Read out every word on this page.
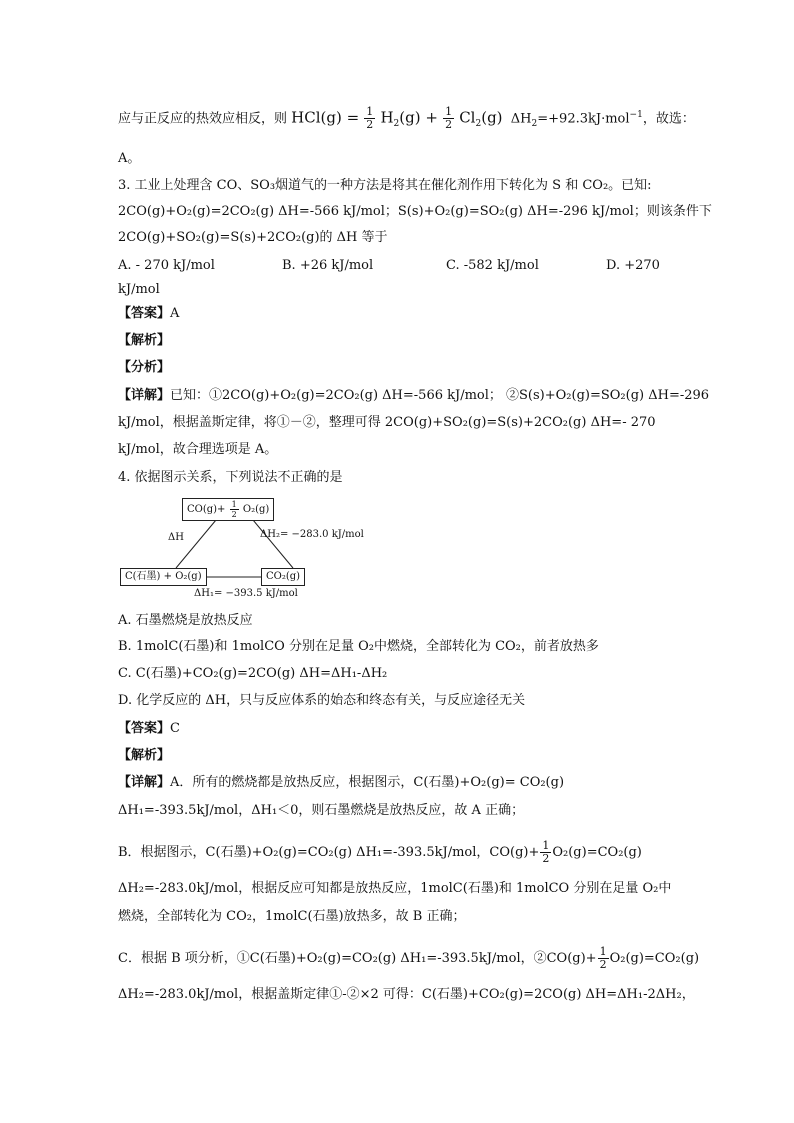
应与正反应的热效应相反，则 $HCl(g) = \frac{1}{2} H_2(g) + \frac{1}{2} Cl_2(g)$ $\Delta H_2=+92.3kJ\cdot mol^{-1}$，故选：
A。
3. 工业上处理含 CO、SO₃烟道气的一种方法是将其在催化剂作用下转化为 S 和 CO₂。已知:
2CO(g)+O₂(g)=2CO₂(g) ΔH=-566 kJ/mol；S(s)+O₂(g)=SO₂(g) ΔH=-296 kJ/mol；则该条件下
2CO(g)+SO₂(g)=S(s)+2CO₂(g)的 ΔH 等于
A. - 270 kJ/mol	B. +26 kJ/mol	C. -582 kJ/mol	D. +270
kJ/mol
【答案】A
【解析】
【分析】
【详解】已知：①2CO(g)+O₂(g)=2CO₂(g) ΔH=-566 kJ/mol； ②S(s)+O₂(g)=SO₂(g) ΔH=-296
kJ/mol，根据盖斯定律，将①－②，整理可得 2CO(g)+SO₂(g)=S(s)+2CO₂(g) ΔH=- 270
kJ/mol，故合理选项是 A。
4. 依据图示关系，下列说法不正确的是
$CO(g)+ \frac{1}{2} O_2(g)$
C(石墨) + O₂(g)	CO₂(g)
ΔH	ΔH₂= −283.0 kJ/mol
ΔH₁= −393.5 kJ/mol
A. 石墨燃烧是放热反应
B. 1molC(石墨)和 1molCO 分别在足量 O₂中燃烧，全部转化为 CO₂，前者放热多
C. C(石墨)+CO₂(g)=2CO(g) ΔH=ΔH₁-ΔH₂
D. 化学反应的 ΔH，只与反应体系的始态和终态有关，与反应途径无关
【答案】C
【解析】
【详解】A．所有的燃烧都是放热反应，根据图示，C(石墨)+O₂(g)= CO₂(g)
ΔH₁=-393.5kJ/mol，ΔH₁＜0，则石墨燃烧是放热反应，故 A 正确；
B．根据图示，C(石墨)+O₂(g)=CO₂(g) ΔH₁=-393.5kJ/mol，$CO(g)+ \frac{1}{2} O_2(g)=CO_2(g)$
ΔH₂=-283.0kJ/mol，根据反应可知都是放热反应，1molC(石墨)和 1molCO 分别在足量 O₂中
燃烧，全部转化为 CO₂，1molC(石墨)放热多，故 B 正确；
C．根据 B 项分析，①C(石墨)+O₂(g)=CO₂(g) ΔH₁=-393.5kJ/mol，②CO(g)+ $\frac{1}{2} O_2(g)=CO_2(g)$
ΔH₂=-283.0kJ/mol，根据盖斯定律①-②×2 可得：C(石墨)+CO₂(g)=2CO(g) ΔH=ΔH₁-2ΔH₂，
